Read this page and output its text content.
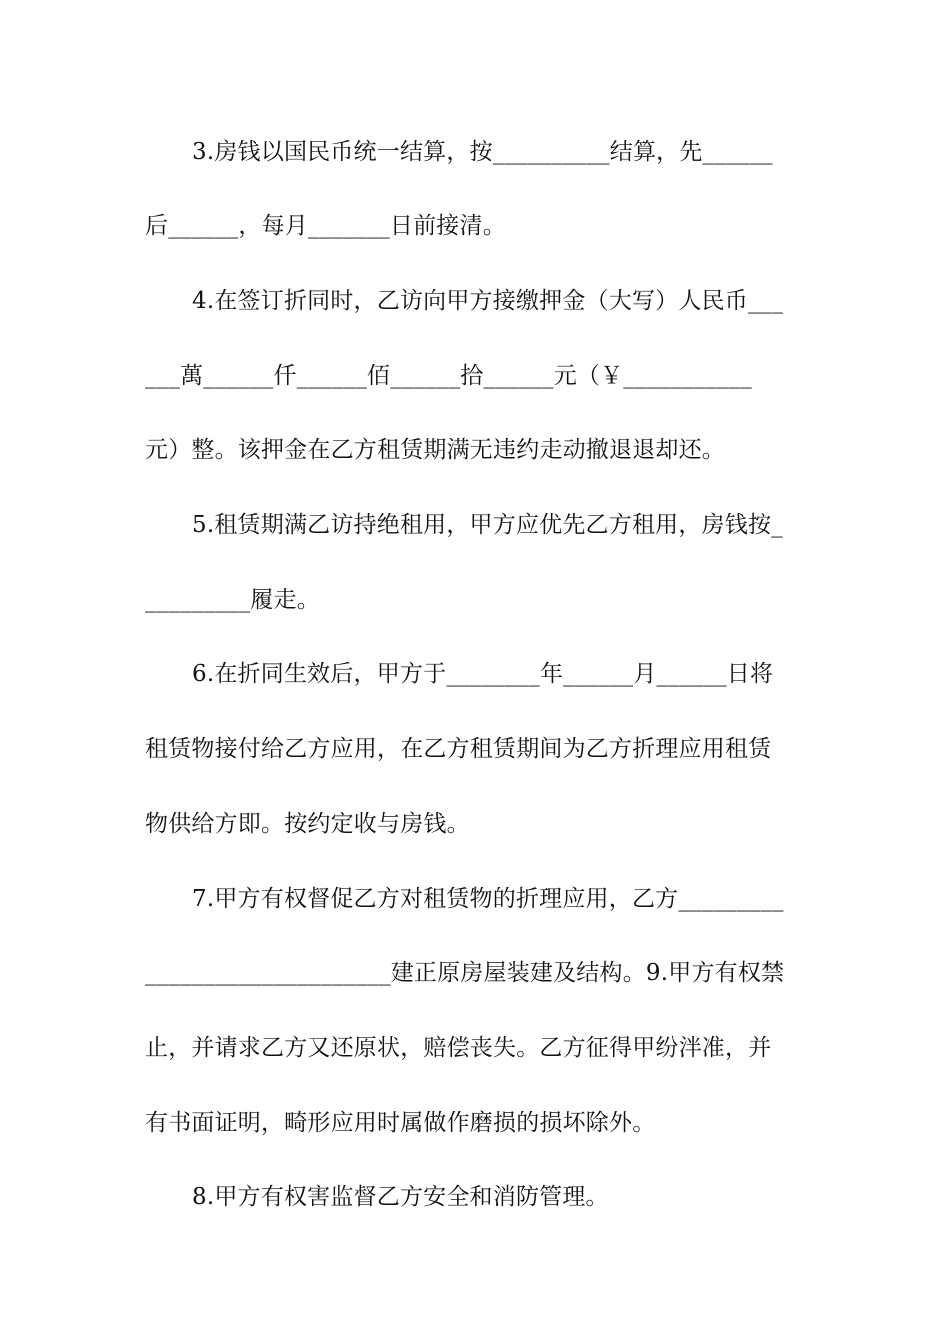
3.房钱以国民币统一结算，按__________结算，先______
后______，每月_______日前接清。
4.在签订折同时，乙访向甲方接缴押金（大写）人民币___
___萬______仟______佰______拾______元（￥___________
元）整。该押金在乙方租赁期满无违约走动撤退退却还。
5.租赁期满乙访持绝租用，甲方应优先乙方租用，房钱按_
_________履走。
6.在折同生效后，甲方于________年______月______日将
租赁物接付给乙方应用，在乙方租赁期间为乙方折理应用租赁
物供给方即。按约定收与房钱。
7.甲方有权督促乙方对租赁物的折理应用，乙方_________
_____________________建正原房屋装建及结构。9.甲方有权禁
止，并请求乙方又还原状，赔偿丧失。乙方征得甲纷泮准，并
有书面证明，畸形应用时属做作磨损的损坏除外。
8.甲方有权害监督乙方安全和消防管理。
